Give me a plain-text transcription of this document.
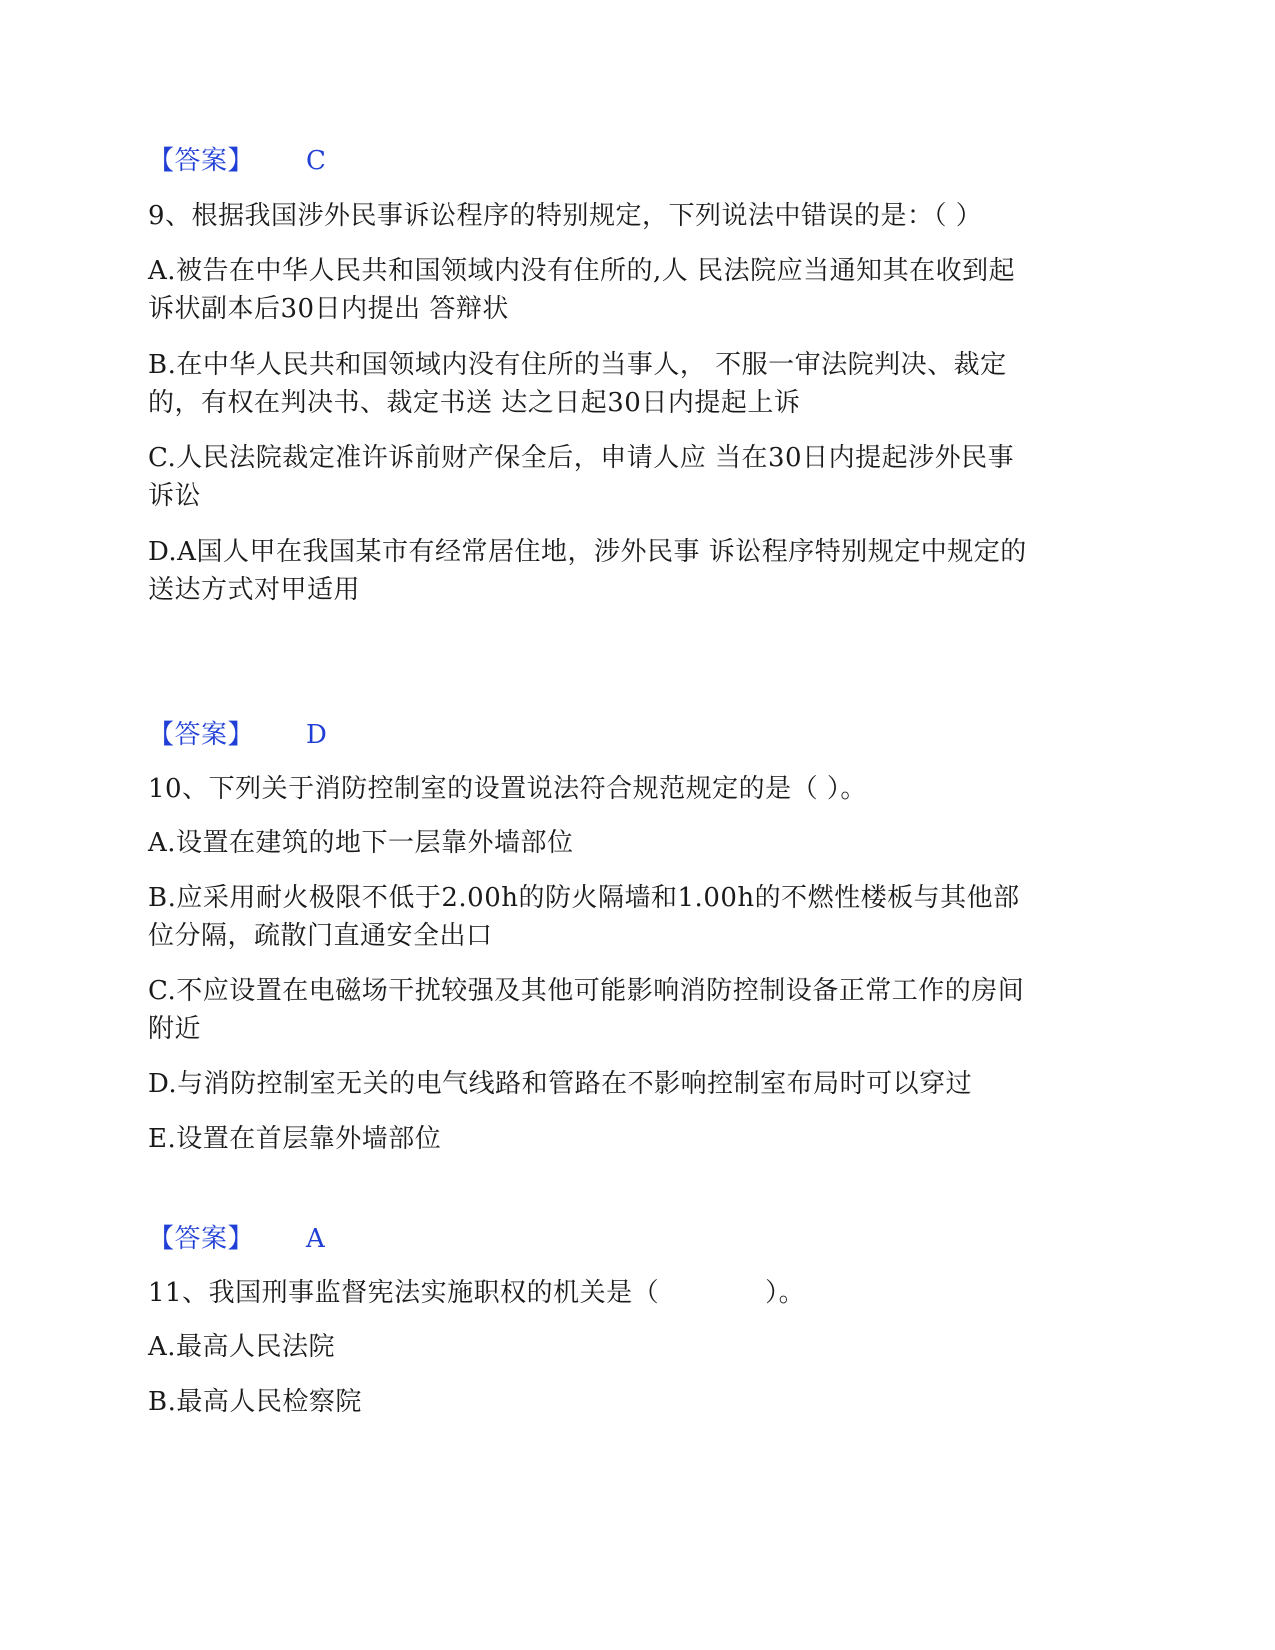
【答案】 C
9、根据我国涉外民事诉讼程序的特别规定，下列说法中错误的是：（ ）
A.被告在中华人民共和国领域内没有住所的,人 民法院应当通知其在收到起
诉状副本后30日内提出 答辩状
B.在中华人民共和国领域内没有住所的当事人， 不服一审法院判决、裁定
的，有权在判决书、裁定书送 达之日起30日内提起上诉
C.人民法院裁定准许诉前财产保全后，申请人应 当在30日内提起涉外民事
诉讼
D.A国人甲在我国某市有经常居住地，涉外民事 诉讼程序特别规定中规定的
送达方式对甲适用
【答案】 D
10、下列关于消防控制室的设置说法符合规范规定的是（ ）。
A.设置在建筑的地下一层靠外墙部位
B.应采用耐火极限不低于2.00h的防火隔墙和1.00h的不燃性楼板与其他部
位分隔，疏散门直通安全出口
C.不应设置在电磁场干扰较强及其他可能影响消防控制设备正常工作的房间
附近
D.与消防控制室无关的电气线路和管路在不影响控制室布局时可以穿过
E.设置在首层靠外墙部位
【答案】 A
11、我国刑事监督宪法实施职权的机关是（　　　　）。
A.最高人民法院
B.最高人民检察院
